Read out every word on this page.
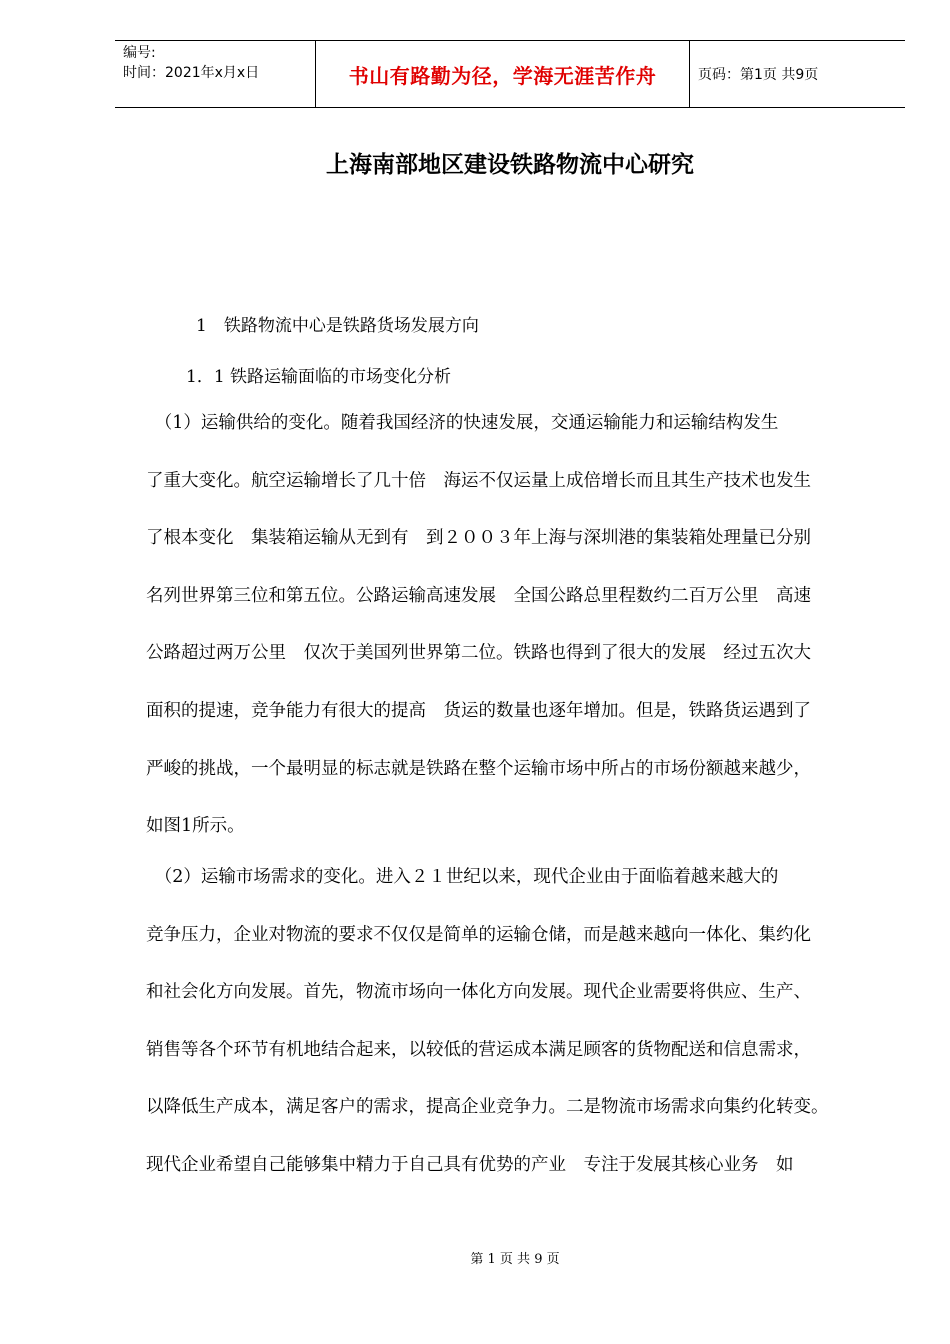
编号:
时间：2021年x月x日	书山有路勤为径，学海无涯苦作舟	页码：第1页 共9页
上海南部地区建设铁路物流中心研究
1　铁路物流中心是铁路货场发展方向
1．1 铁路运输面临的市场变化分析
　（1）运输供给的变化。随着我国经济的快速发展，交通运输能力和运输结构发生
了重大变化。航空运输增长了几十倍　海运不仅运量上成倍增长而且其生产技术也发生
了根本变化　集装箱运输从无到有　到２００３年上海与深圳港的集装箱处理量已分别
名列世界第三位和第五位。公路运输高速发展　全国公路总里程数约二百万公里　高速
公路超过两万公里　仅次于美国列世界第二位。铁路也得到了很大的发展　经过五次大
面积的提速，竞争能力有很大的提高　货运的数量也逐年增加。但是，铁路货运遇到了
严峻的挑战，一个最明显的标志就是铁路在整个运输市场中所占的市场份额越来越少，
如图1所示。
　（2）运输市场需求的变化。进入２１世纪以来，现代企业由于面临着越来越大的
竞争压力，企业对物流的要求不仅仅是简单的运输仓储，而是越来越向一体化、集约化
和社会化方向发展。首先，物流市场向一体化方向发展。现代企业需要将供应、生产、
销售等各个环节有机地结合起来，以较低的营运成本满足顾客的货物配送和信息需求，
以降低生产成本，满足客户的需求，提高企业竞争力。二是物流市场需求向集约化转变。
现代企业希望自己能够集中精力于自己具有优势的产业　专注于发展其核心业务　如
第 1 页 共 9 页
